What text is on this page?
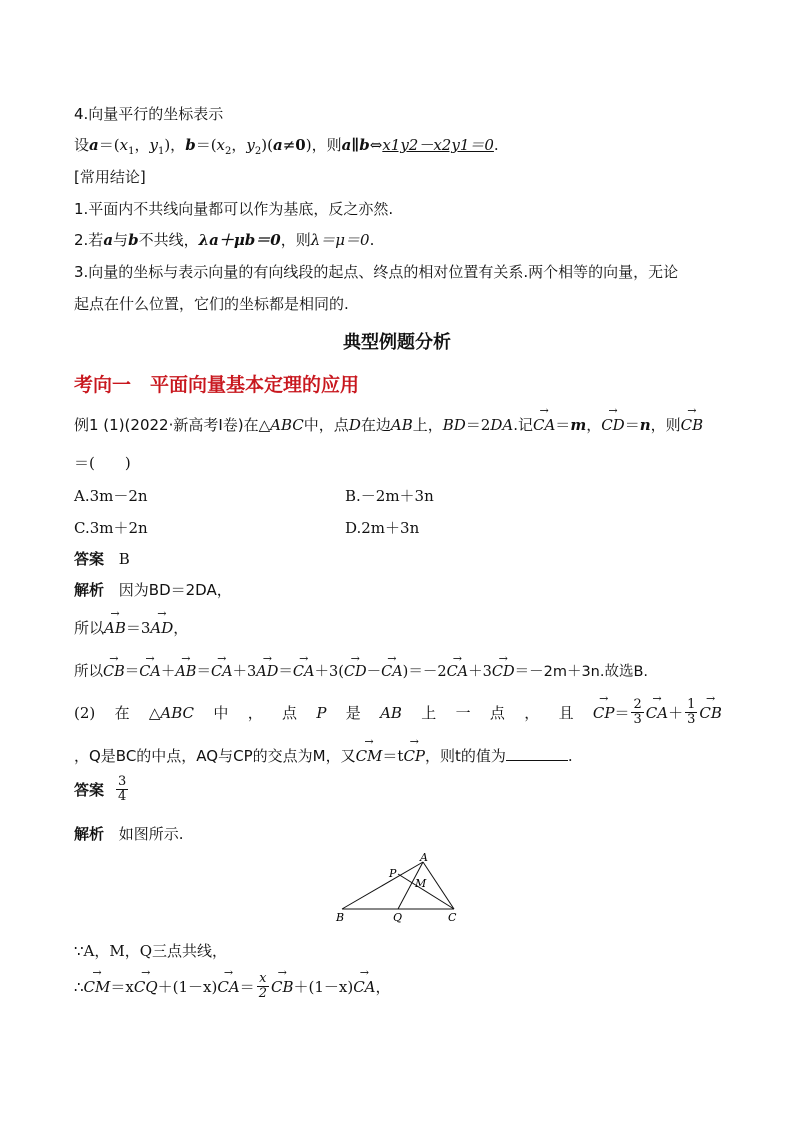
4.向量平行的坐标表示
设$a=(x_1$，$y_1$)，$b=(x_2$，$y_2)(a\ne 0)$，则a∥b⇔x1y2－x2y1＝0.
[常用结论]
1.平面内不共线向量都可以作为基底，反之亦然.
2.若a与b不共线，λa＋μb＝0，则λ＝μ＝0.
3.向量的坐标与表示向量的有向线段的起点、终点的相对位置有关系.两个相等的向量，无论
起点在什么位置，它们的坐标都是相同的.
典型例题分析
考向一　平面向量基本定理的应用
例1 (1)(2022·新高考Ⅰ卷)在△ABC中，点D在边AB上，BD＝2DA.记→ CA＝m，→ CD＝n，则→ CB
＝(　　)
A.3m－2n	B.－2m＋3n
C.3m＋2n	D.2m＋3n
答案 B
解析 因为BD＝2DA，
所以→ AB＝3→ AD，
所以→ CB＝→ CA＋→ AB＝→ CA＋3→ AD＝→ CA＋3(→ CD－→ CA)＝－2→ CA＋3→ CD＝－2m＋3n.故选B.
(2) 在 △ABC 中 ， 点 P 是 AB 上 一 点 ， 且 → CP ＝ $\frac{2}{3}$ → CA ＋ $\frac{1}{3}$ → CB
，Q是BC的中点，AQ与CP的交点为M，又→ CM＝t→ CP，则t的值为	.
答案 $\frac{3}{4}$
解析 如图所示.
A
B	C
P
Q
M
∵A，M，Q三点共线，
∴ → CM ＝x → CQ ＋(1－x) → CA ＝ $\frac{x}{2}$ → CB ＋(1－x) → CA ，
